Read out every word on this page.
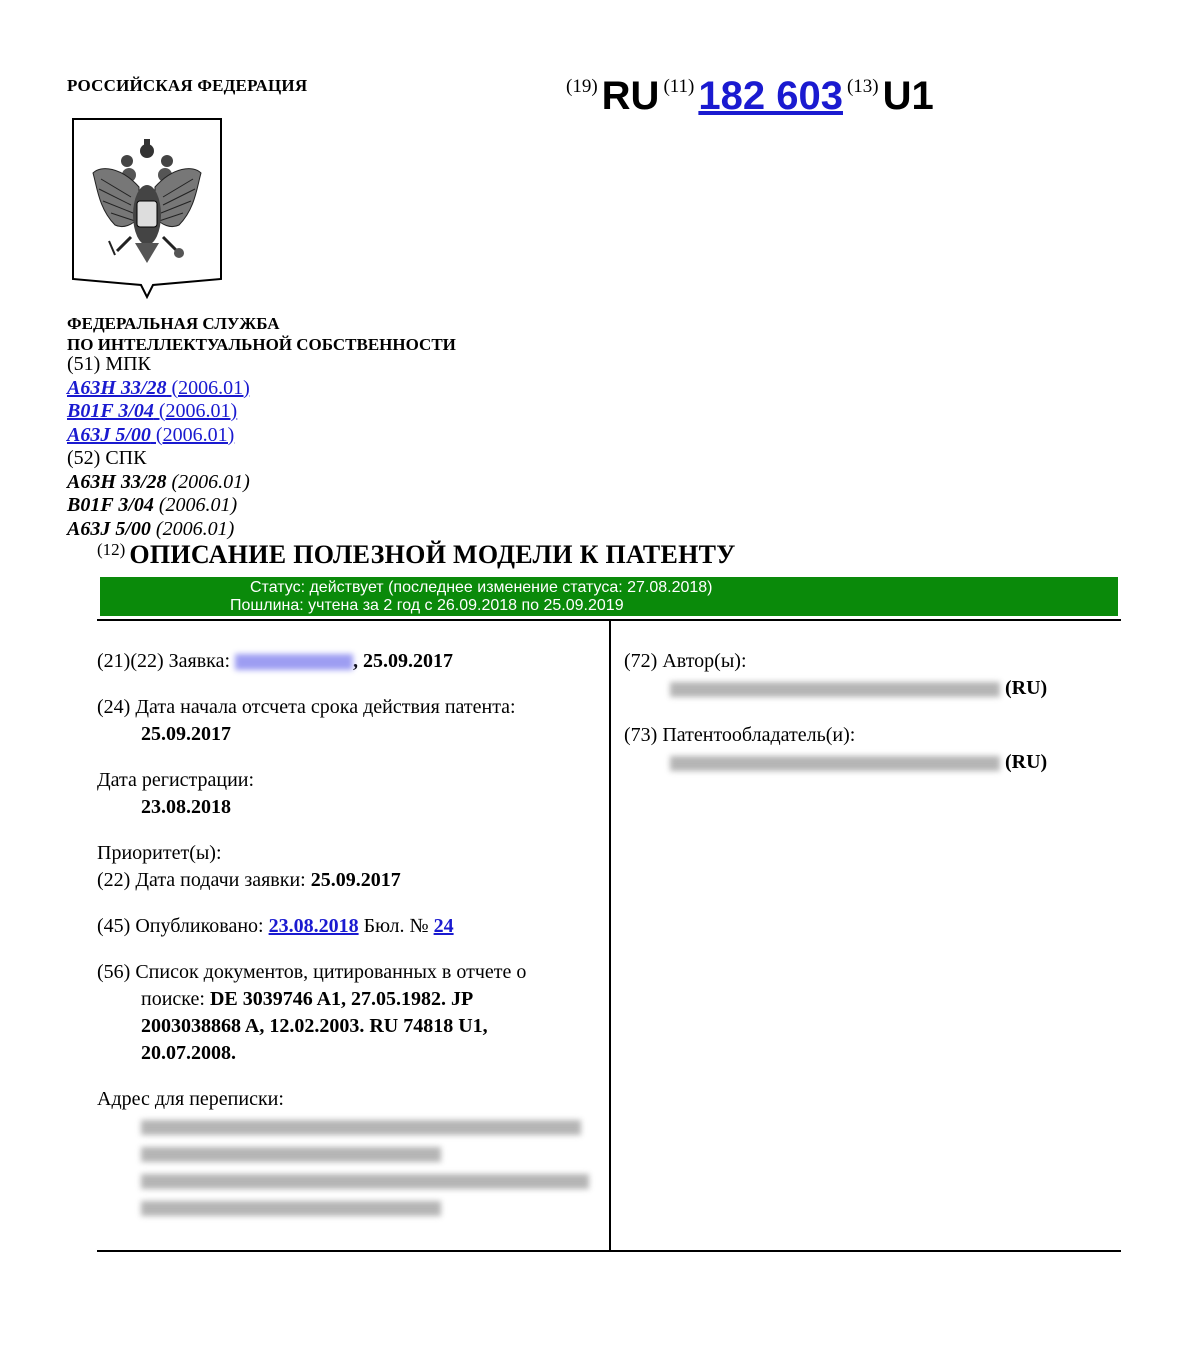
РОССИЙСКАЯ ФЕДЕРАЦИЯ	(19) RU (11) 182 603 (13) U1
ФЕДЕРАЛЬНАЯ СЛУЖБА
ПО ИНТЕЛЛЕКТУАЛЬНОЙ СОБСТВЕННОСТИ
(51) МПК
A63H 33/28 (2006.01)
B01F 3/04 (2006.01)
A63J 5/00 (2006.01)
(52) СПК
A63H 33/28 (2006.01)
B01F 3/04 (2006.01)
A63J 5/00 (2006.01)
(12) ОПИСАНИЕ ПОЛЕЗНОЙ МОДЕЛИ К ПАТЕНТУ
Статус: действует (последнее изменение статуса: 27.08.2018)
Пошлина: учтена за 2 год с 26.09.2018 по 25.09.2019
(21)(22) Заявка:	, 25.09.2017
(24) Дата начала отсчета срока действия патента:
25.09.2017
Дата регистрации:
23.08.2018
Приоритет(ы):
(22) Дата подачи заявки: 25.09.2017
(45) Опубликовано: 23.08.2018 Бюл. № 24
(56) Список документов, цитированных в отчете о
поиске: DE 3039746 A1, 27.05.1982. JP
2003038868 A, 12.02.2003. RU 74818 U1,
20.07.2008.
Адрес для переписки:
(72) Автор(ы):
(RU)
(73) Патентообладатель(и):
(RU)
